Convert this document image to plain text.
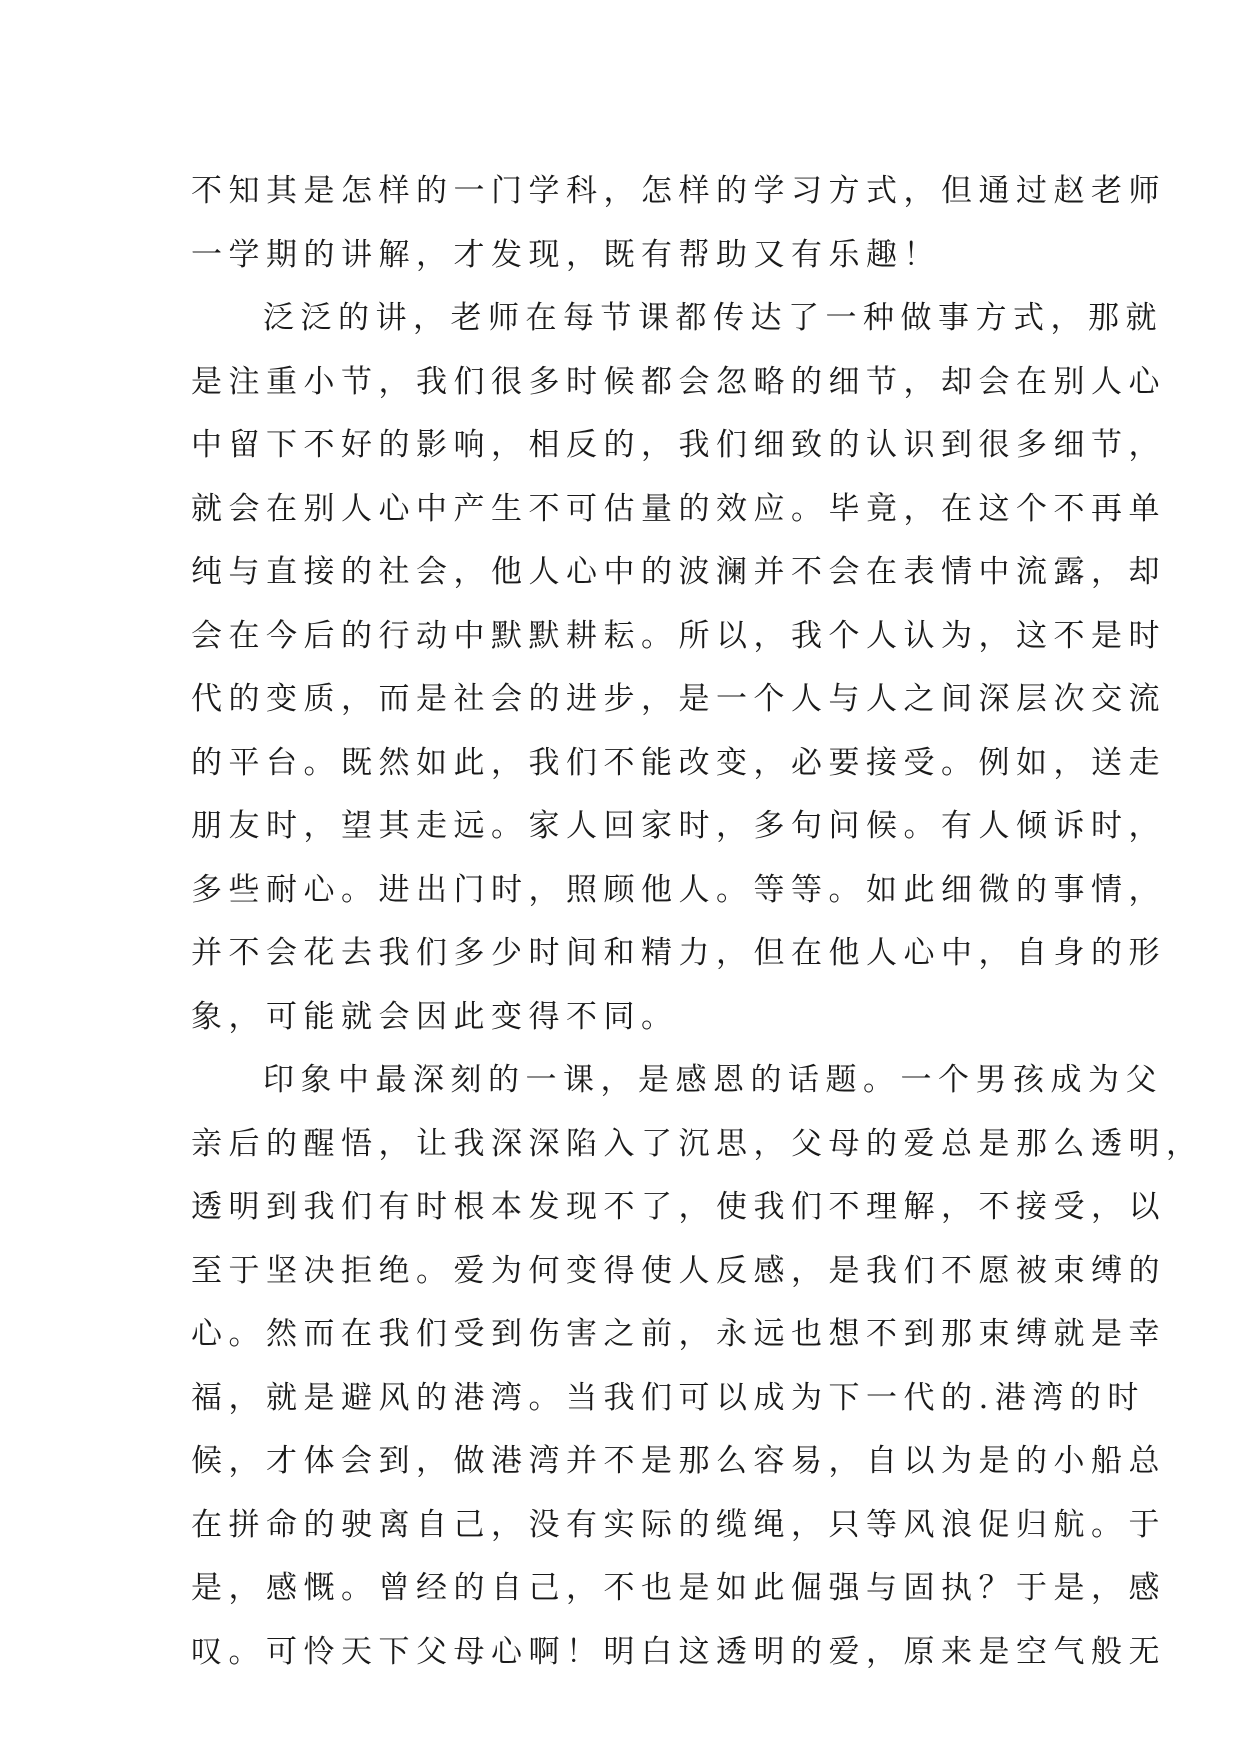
不知其是怎样的一门学科，怎样的学习方式，但通过赵老师
一学期的讲解，才发现，既有帮助又有乐趣！
泛泛的讲，老师在每节课都传达了一种做事方式，那就
是注重小节，我们很多时候都会忽略的细节，却会在别人心
中留下不好的影响，相反的，我们细致的认识到很多细节，
就会在别人心中产生不可估量的效应。毕竟，在这个不再单
纯与直接的社会，他人心中的波澜并不会在表情中流露，却
会在今后的行动中默默耕耘。所以，我个人认为，这不是时
代的变质，而是社会的进步，是一个人与人之间深层次交流
的平台。既然如此，我们不能改变，必要接受。例如，送走
朋友时，望其走远。家人回家时，多句问候。有人倾诉时，
多些耐心。进出门时，照顾他人。等等。如此细微的事情，
并不会花去我们多少时间和精力，但在他人心中，自身的形
象，可能就会因此变得不同。
印象中最深刻的一课，是感恩的话题。一个男孩成为父
亲后的醒悟，让我深深陷入了沉思，父母的爱总是那么透明，
透明到我们有时根本发现不了，使我们不理解，不接受，以
至于坚决拒绝。爱为何变得使人反感，是我们不愿被束缚的
心。然而在我们受到伤害之前，永远也想不到那束缚就是幸
福，就是避风的港湾。当我们可以成为下一代的.港湾的时
候，才体会到，做港湾并不是那么容易，自以为是的小船总
在拼命的驶离自己，没有实际的缆绳，只等风浪促归航。于
是，感慨。曾经的自己，不也是如此倔强与固执？于是，感
叹。可怜天下父母心啊！明白这透明的爱，原来是空气般无
